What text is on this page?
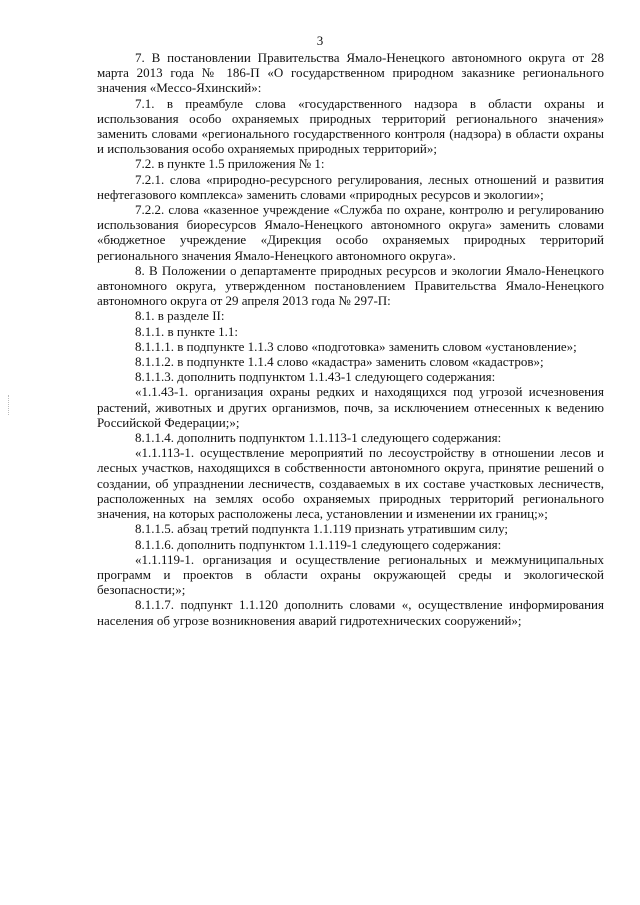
3

7. В постановлении Правительства Ямало-Ненецкого автономного округа от 28 марта 2013 года № 186-П «О государственном природном заказнике регионального значения «Мессо-Яхинский»:

7.1. в преамбуле слова «государственного надзора в области охраны и использования особо охраняемых природных территорий регионального значения» заменить словами «регионального государственного контроля (надзора) в области охраны и использования особо охраняемых природных территорий»;

7.2. в пункте 1.5 приложения № 1:

7.2.1. слова «природно-ресурсного регулирования, лесных отношений и развития нефтегазового комплекса» заменить словами «природных ресурсов и экологии»;

7.2.2. слова «казенное учреждение «Служба по охране, контролю и регулированию использования биоресурсов Ямало-Ненецкого автономного округа» заменить словами «бюджетное учреждение «Дирекция особо охраняемых природных территорий регионального значения Ямало-Ненецкого автономного округа».

8. В Положении о департаменте природных ресурсов и экологии Ямало-Ненецкого автономного округа, утвержденном постановлением Правительства Ямало-Ненецкого автономного округа от 29 апреля 2013 года № 297-П:

8.1. в разделе II:

8.1.1. в пункте 1.1:

8.1.1.1. в подпункте 1.1.3 слово «подготовка» заменить словом «установление»;

8.1.1.2. в подпункте 1.1.4 слово «кадастра» заменить словом «кадастров»;

8.1.1.3. дополнить подпунктом 1.1.43-1 следующего содержания:

«1.1.43-1. организация охраны редких и находящихся под угрозой исчезновения растений, животных и других организмов, почв, за исключением отнесенных к ведению Российской Федерации;»;

8.1.1.4. дополнить подпунктом 1.1.113-1 следующего содержания:

«1.1.113-1. осуществление мероприятий по лесоустройству в отношении лесов и лесных участков, находящихся в собственности автономного округа, принятие решений о создании, об упразднении лесничеств, создаваемых в их составе участковых лесничеств, расположенных на землях особо охраняемых природных территорий регионального значения, на которых расположены леса, установлении и изменении их границ;»;

8.1.1.5. абзац третий подпункта 1.1.119 признать утратившим силу;

8.1.1.6. дополнить подпунктом 1.1.119-1 следующего содержания:

«1.1.119-1. организация и осуществление региональных и межмуниципальных программ и проектов в области охраны окружающей среды и экологической безопасности;»;

8.1.1.7. подпункт 1.1.120 дополнить словами «, осуществление информирования населения об угрозе возникновения аварий гидротехнических сооружений»;
